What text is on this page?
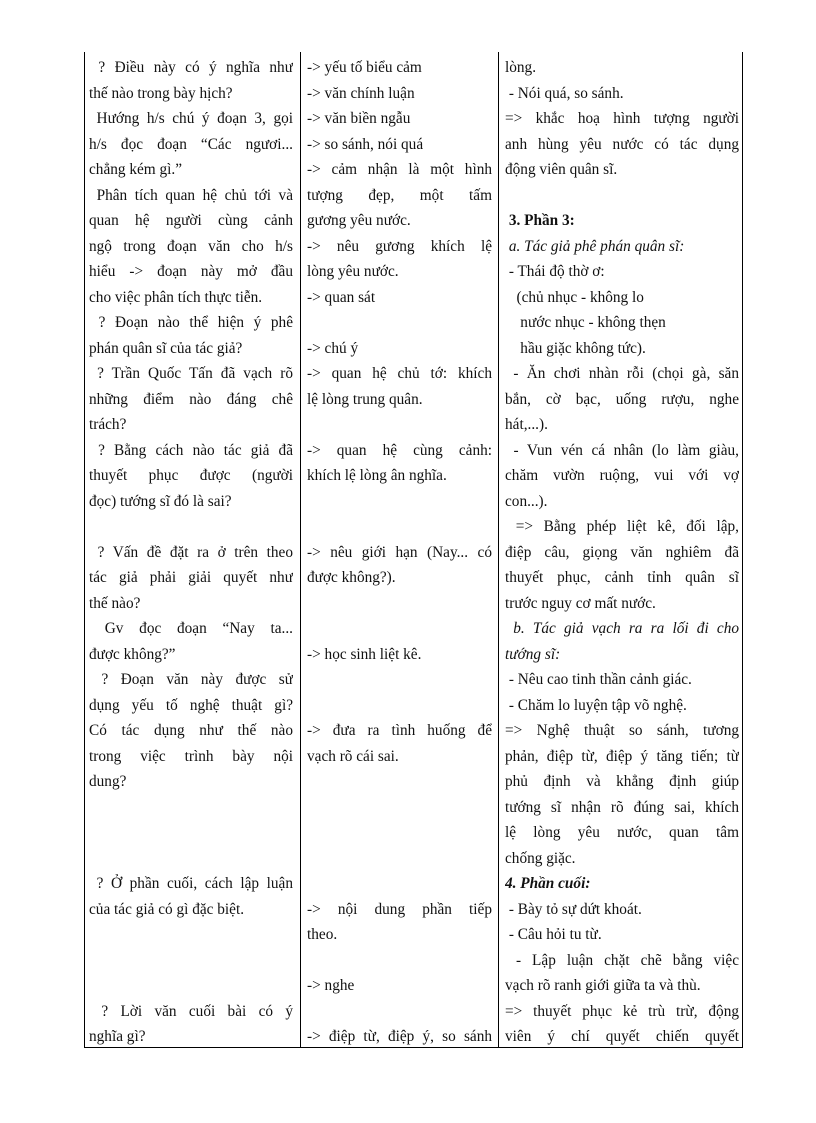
? Điều này có ý nghĩa như
thế nào trong bày hịch?
Hướng h/s chú ý đoạn 3, gọi
h/s đọc đoạn “Các ngươi...
chẳng kém gì.”
Phân tích quan hệ chủ tới và
quan hệ người cùng cảnh
ngộ trong đoạn văn cho h/s
hiểu -> đoạn này mở đầu
cho việc phân tích thực tiễn.
? Đoạn nào thể hiện ý phê
phán quân sĩ của tác giả?
? Trần Quốc Tấn đã vạch rõ
những điểm nào đáng chê
trách?
? Bằng cách nào tác giả đã
thuyết phục được (người
đọc) tướng sĩ đó là sai?
? Vấn đề đặt ra ở trên theo
tác giả phải giải quyết như
thế nào?
Gv đọc đoạn “Nay ta...
được không?”
? Đoạn văn này được sử
dụng yếu tố nghệ thuật gì?
Có tác dụng như thế nào
trong việc trình bày nội
dung?
? Ở phần cuối, cách lập luận
của tác giả có gì đặc biệt.
? Lời văn cuối bài có ý
nghĩa gì?
-> yếu tố biểu cảm
-> văn chính luận
-> văn biền ngẫu
-> so sánh, nói quá
-> cảm nhận là một hình
tượng đẹp, một tấm
gương yêu nước.
-> nêu gương khích lệ
lòng yêu nước.
-> quan sát
-> chú ý
-> quan hệ chủ tớ: khích
lệ lòng trung quân.
-> quan hệ cùng cảnh:
khích lệ lòng ân nghĩa.
-> nêu giới hạn (Nay... có
được không?).
-> học sinh liệt kê.
-> đưa ra tình huống để
vạch rõ cái sai.
-> nội dung phần tiếp
theo.
-> nghe
-> điệp từ, điệp ý, so sánh
lòng.
- Nói quá, so sánh.
=> khắc hoạ hình tượng người
anh hùng yêu nước có tác dụng
động viên quân sĩ.
3. Phần 3:
a. Tác giả phê phán quân sĩ:
- Thái độ thờ ơ:
(chủ nhục - không lo
nước nhục - không thẹn
hầu giặc không tức).
- Ăn chơi nhàn rỗi (chọi gà, săn
bắn, cờ bạc, uống rượu, nghe
hát,...).
- Vun vén cá nhân (lo làm giàu,
chăm vườn ruộng, vui với vợ
con...).
=> Bằng phép liệt kê, đối lập,
điệp câu, giọng văn nghiêm đã
thuyết phục, cảnh tỉnh quân sĩ
trước nguy cơ mất nước.
b. Tác giả vạch ra ra lối đi cho
tướng sĩ:
- Nêu cao tinh thần cảnh giác.
- Chăm lo luyện tập võ nghệ.
=> Nghệ thuật so sánh, tương
phản, điệp từ, điệp ý tăng tiến; từ
phủ định và khẳng định giúp
tướng sĩ nhận rõ đúng sai, khích
lệ lòng yêu nước, quan tâm
chống giặc.
4. Phần cuối:
- Bày tỏ sự dứt khoát.
- Câu hỏi tu từ.
- Lập luận chặt chẽ bằng việc
vạch rõ ranh giới giữa ta và thù.
=> thuyết phục kẻ trù trừ, động
viên ý chí quyết chiến quyết
